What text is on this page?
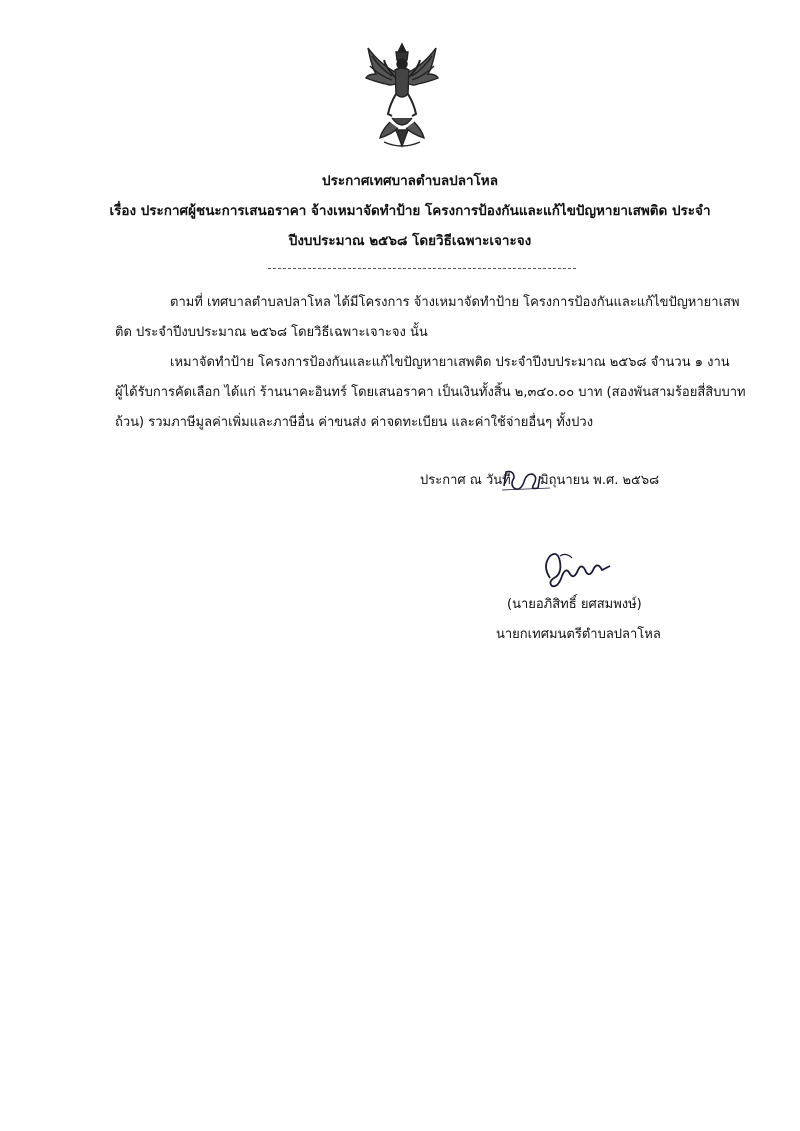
ประกาศเทศบาลตำบลปลาโหล
เรื่อง ประกาศผู้ชนะการเสนอราคา จ้างเหมาจัดทำป้าย โครงการป้องกันและแก้ไขปัญหายาเสพติด ประจำ
ปีงบประมาณ ๒๕๖๘ โดยวิธีเฉพาะเจาะจง
ตามที่ เทศบาลตำบลปลาโหล ได้มีโครงการ จ้างเหมาจัดทำป้าย โครงการป้องกันและแก้ไขปัญหายาเสพ
ติด ประจำปีงบประมาณ ๒๕๖๘ โดยวิธีเฉพาะเจาะจง นั้น
เหมาจัดทำป้าย โครงการป้องกันและแก้ไขปัญหายาเสพติด ประจำปีงบประมาณ ๒๕๖๘ จำนวน ๑ งาน
ผู้ได้รับการคัดเลือก ได้แก่ ร้านนาคะอินทร์ โดยเสนอราคา เป็นเงินทั้งสิ้น ๒,๓๔๐.๐๐ บาท (สองพันสามร้อยสี่สิบบาท
ถ้วน) รวมภาษีมูลค่าเพิ่มและภาษีอื่น ค่าขนส่ง ค่าจดทะเบียน และค่าใช้จ่ายอื่นๆ ทั้งปวง
ประกาศ ณ วันที่ มิถุนายน พ.ศ. ๒๕๖๘
(นายอภิสิทธิ์ ยศสมพงษ์)
นายกเทศมนตรีตำบลปลาโหล
